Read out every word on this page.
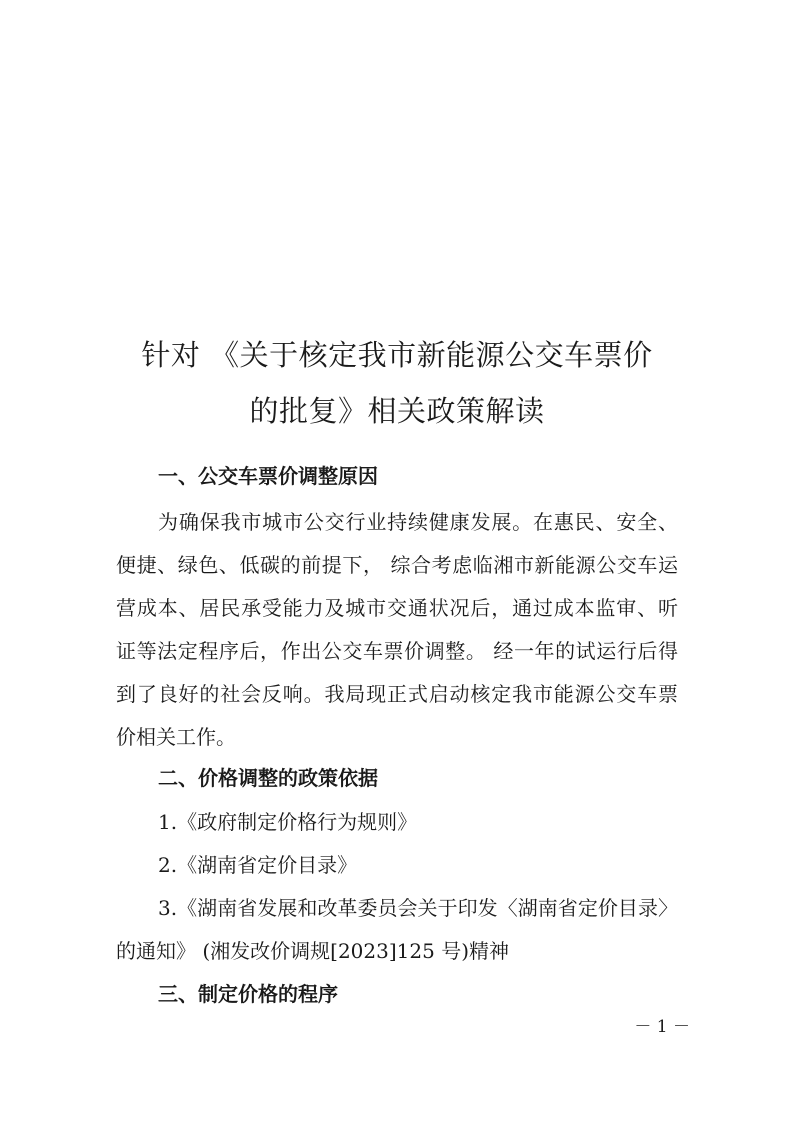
针对 《关于核定我市新能源公交车票价
的批复》相关政策解读
一、公交车票价调整原因
为确保我市城市公交行业持续健康发展。在惠民、安全、
便捷、绿色、低碳的前提下， 综合考虑临湘市新能源公交车运
营成本、居民承受能力及城市交通状况后，通过成本监审、听
证等法定程序后，作出公交车票价调整。 经一年的试运行后得
到了良好的社会反响。我局现正式启动核定我市能源公交车票
价相关工作。
二、价格调整的政策依据
1.《政府制定价格行为规则》
2.《湖南省定价目录》
3.《湖南省发展和改革委员会关于印发〈湖南省定价目录〉
的通知》 (湘发改价调规[2023]125 号)精神
三、制定价格的程序
－ 1 －
